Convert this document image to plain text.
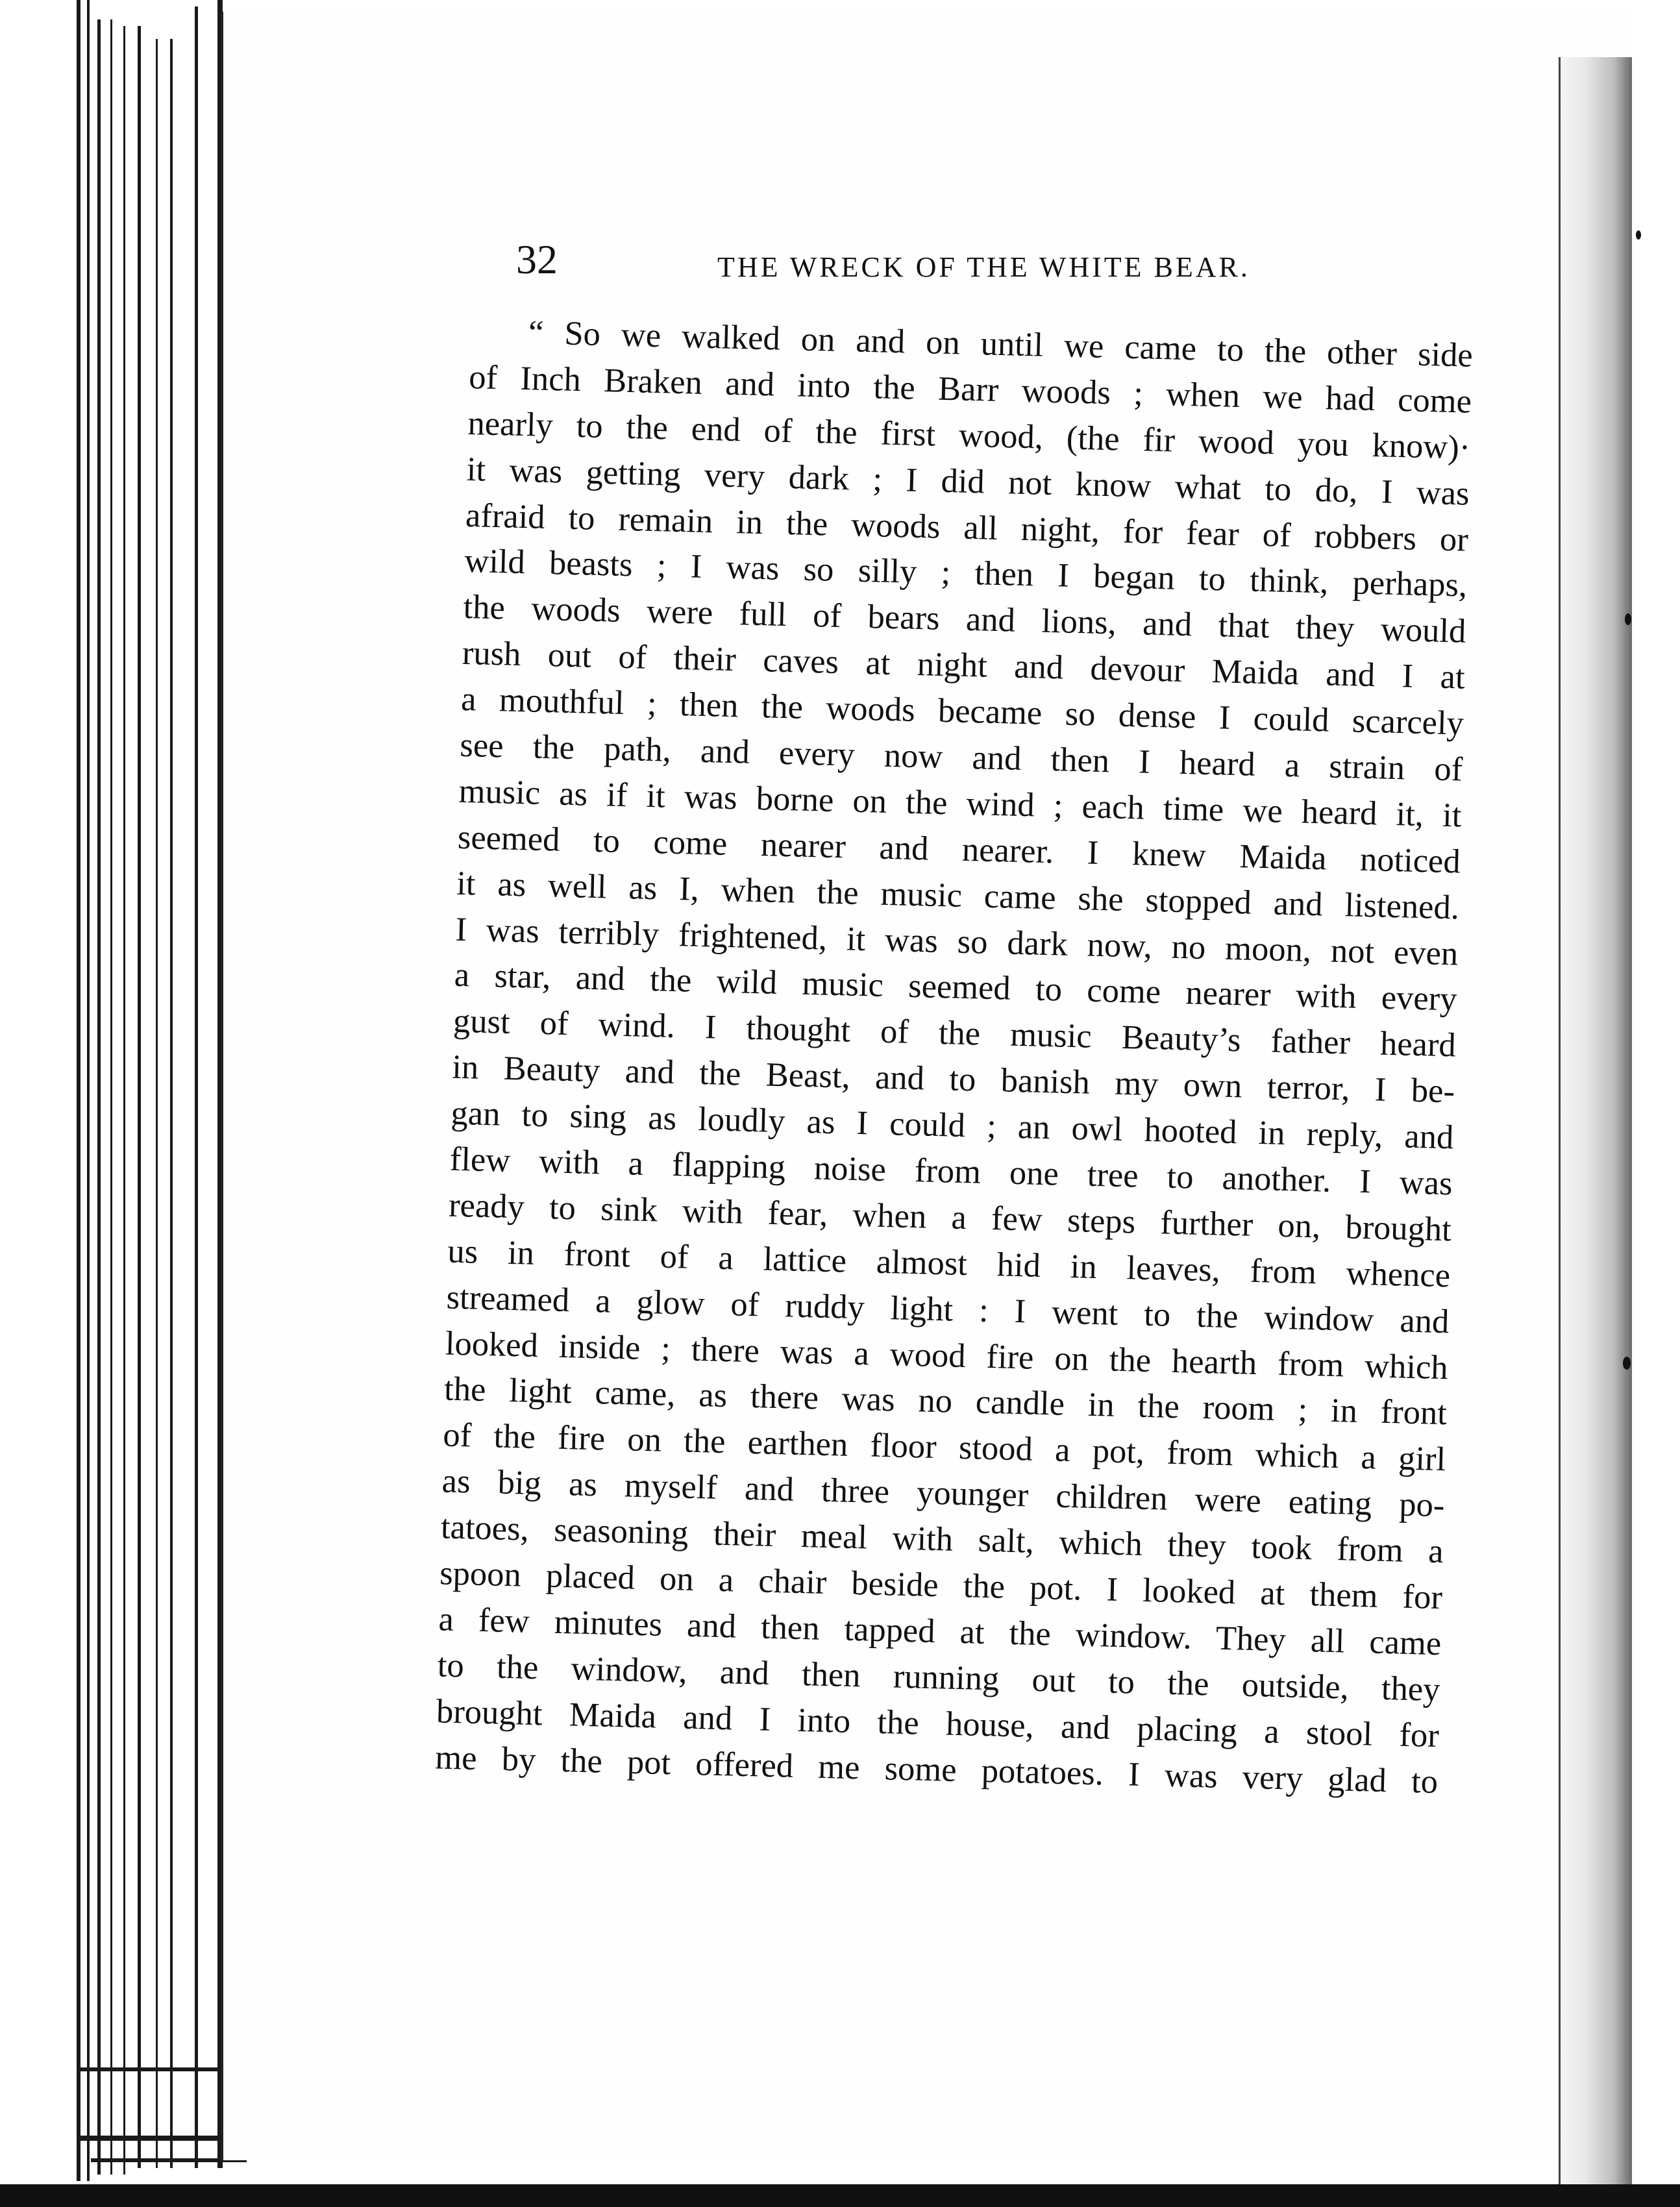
32	THE WRECK OF THE WHITE BEAR.
“ So we walked on and on until we came to the other side
of Inch Braken and into the Barr woods ; when we had come
nearly to the end of the first wood, (the fir wood you know)·
it was getting very dark ; I did not know what to do, I was
afraid to remain in the woods all night, for fear of robbers or
wild beasts ; I was so silly ; then I began to think, perhaps,
the woods were full of bears and lions, and that they would
rush out of their caves at night and devour Maida and I at
a mouthful ; then the woods became so dense I could scarcely
see the path, and every now and then I heard a strain of
music as if it was borne on the wind ; each time we heard it, it
seemed to come nearer and nearer. I knew Maida noticed
it as well as I, when the music came she stopped and listened.
I was terribly frightened, it was so dark now, no moon, not even
a star, and the wild music seemed to come nearer with every
gust of wind. I thought of the music Beauty’s father heard
in Beauty and the Beast, and to banish my own terror, I be-
gan to sing as loudly as I could ; an owl hooted in reply, and
flew with a flapping noise from one tree to another. I was
ready to sink with fear, when a few steps further on, brought
us in front of a lattice almost hid in leaves, from whence
streamed a glow of ruddy light : I went to the window and
looked inside ; there was a wood fire on the hearth from which
the light came, as there was no candle in the room ; in front
of the fire on the earthen floor stood a pot, from which a girl
as big as myself and three younger children were eating po-
tatoes, seasoning their meal with salt, which they took from a
spoon placed on a chair beside the pot. I looked at them for
a few minutes and then tapped at the window. They all came
to the window, and then running out to the outside, they
brought Maida and I into the house, and placing a stool for
me by the pot offered me some potatoes. I was very glad to
